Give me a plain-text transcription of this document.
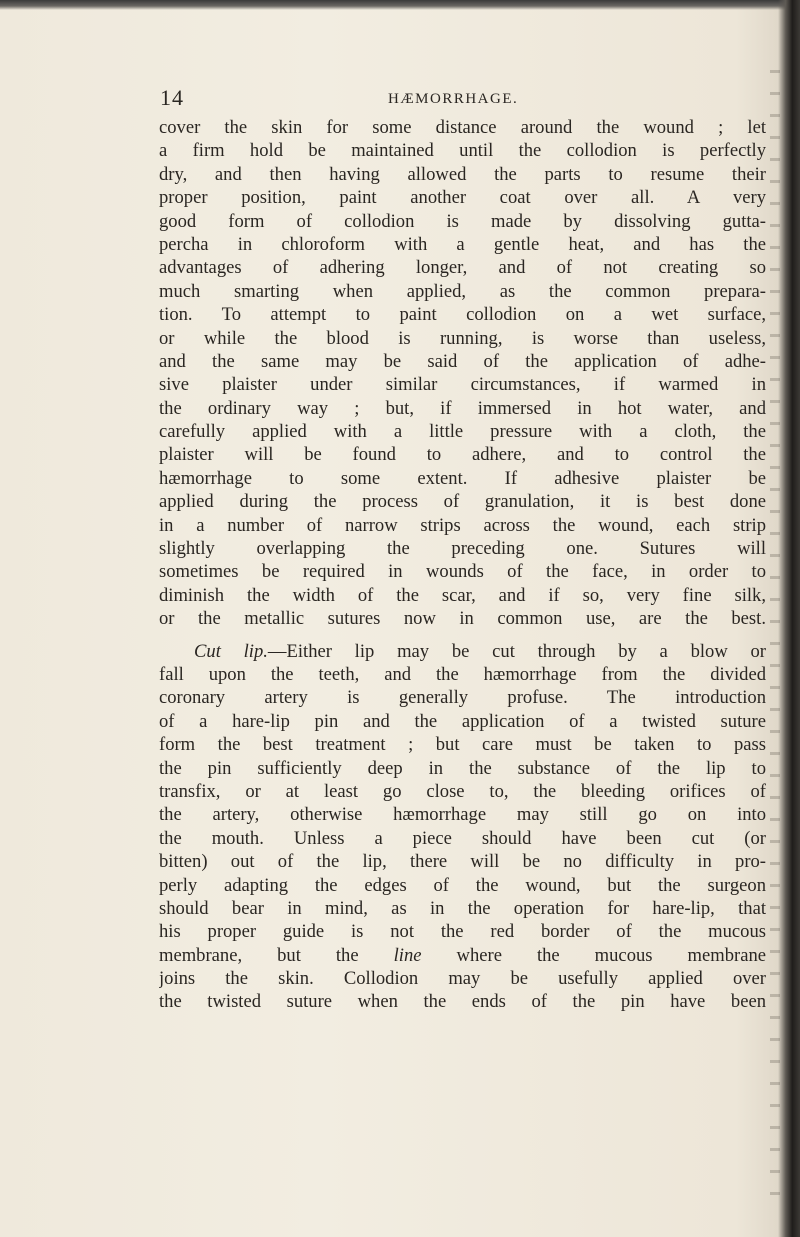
14	HÆMORRHAGE.
cover the skin for some distance around the wound ; let
a firm hold be maintained until the collodion is perfectly
dry, and then having allowed the parts to resume their
proper position, paint another coat over all. A very
good form of collodion is made by dissolving gutta-
percha in chloroform with a gentle heat, and has the
advantages of adhering longer, and of not creating so
much smarting when applied, as the common prepara-
tion. To attempt to paint collodion on a wet surface,
or while the blood is running, is worse than useless,
and the same may be said of the application of adhe-
sive plaister under similar circumstances, if warmed in
the ordinary way ; but, if immersed in hot water, and
carefully applied with a little pressure with a cloth, the
plaister will be found to adhere, and to control the
hæmorrhage to some extent. If adhesive plaister be
applied during the process of granulation, it is best done
in a number of narrow strips across the wound, each strip
slightly overlapping the preceding one. Sutures will
sometimes be required in wounds of the face, in order to
diminish the width of the scar, and if so, very fine silk,
or the metallic sutures now in common use, are the best.
Cut lip.—Either lip may be cut through by a blow or
fall upon the teeth, and the hæmorrhage from the divided
coronary artery is generally profuse. The introduction
of a hare-lip pin and the application of a twisted suture
form the best treatment ; but care must be taken to pass
the pin sufficiently deep in the substance of the lip to
transfix, or at least go close to, the bleeding orifices of
the artery, otherwise hæmorrhage may still go on into
the mouth. Unless a piece should have been cut (or
bitten) out of the lip, there will be no difficulty in pro-
perly adapting the edges of the wound, but the surgeon
should bear in mind, as in the operation for hare-lip, that
his proper guide is not the red border of the mucous
membrane, but the line where the mucous membrane
joins the skin. Collodion may be usefully applied over
the twisted suture when the ends of the pin have been
